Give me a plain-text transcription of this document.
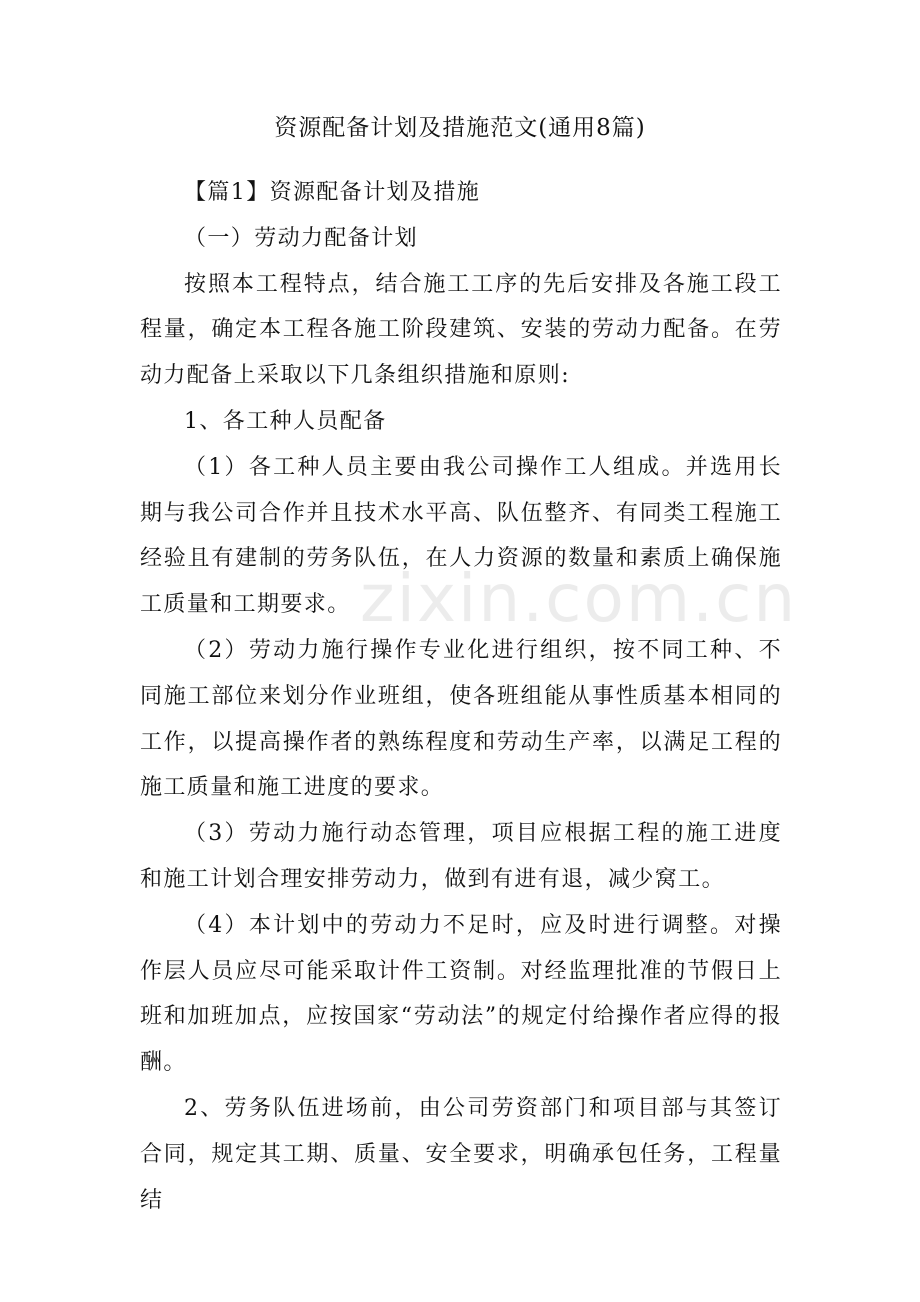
资源配备计划及措施范文(通用8篇)

【篇1】资源配备计划及措施

（一）劳动力配备计划

按照本工程特点，结合施工工序的先后安排及各施工段工程量，确定本工程各施工阶段建筑、安装的劳动力配备。在劳动力配备上采取以下几条组织措施和原则:

1、各工种人员配备

（1）各工种人员主要由我公司操作工人组成。并选用长期与我公司合作并且技术水平高、队伍整齐、有同类工程施工经验且有建制的劳务队伍，在人力资源的数量和素质上确保施工质量和工期要求。

（2）劳动力施行操作专业化进行组织，按不同工种、不同施工部位来划分作业班组，使各班组能从事性质基本相同的工作，以提高操作者的熟练程度和劳动生产率，以满足工程的施工质量和施工进度的要求。

（3）劳动力施行动态管理，项目应根据工程的施工进度和施工计划合理安排劳动力，做到有进有退，减少窝工。

（4）本计划中的劳动力不足时，应及时进行调整。对操作层人员应尽可能采取计件工资制。对经监理批准的节假日上班和加班加点，应按国家“劳动法”的规定付给操作者应得的报酬。

2、劳务队伍进场前，由公司劳资部门和项目部与其签订合同，规定其工期、质量、安全要求，明确承包任务，工程量结

zixin.com.cn
